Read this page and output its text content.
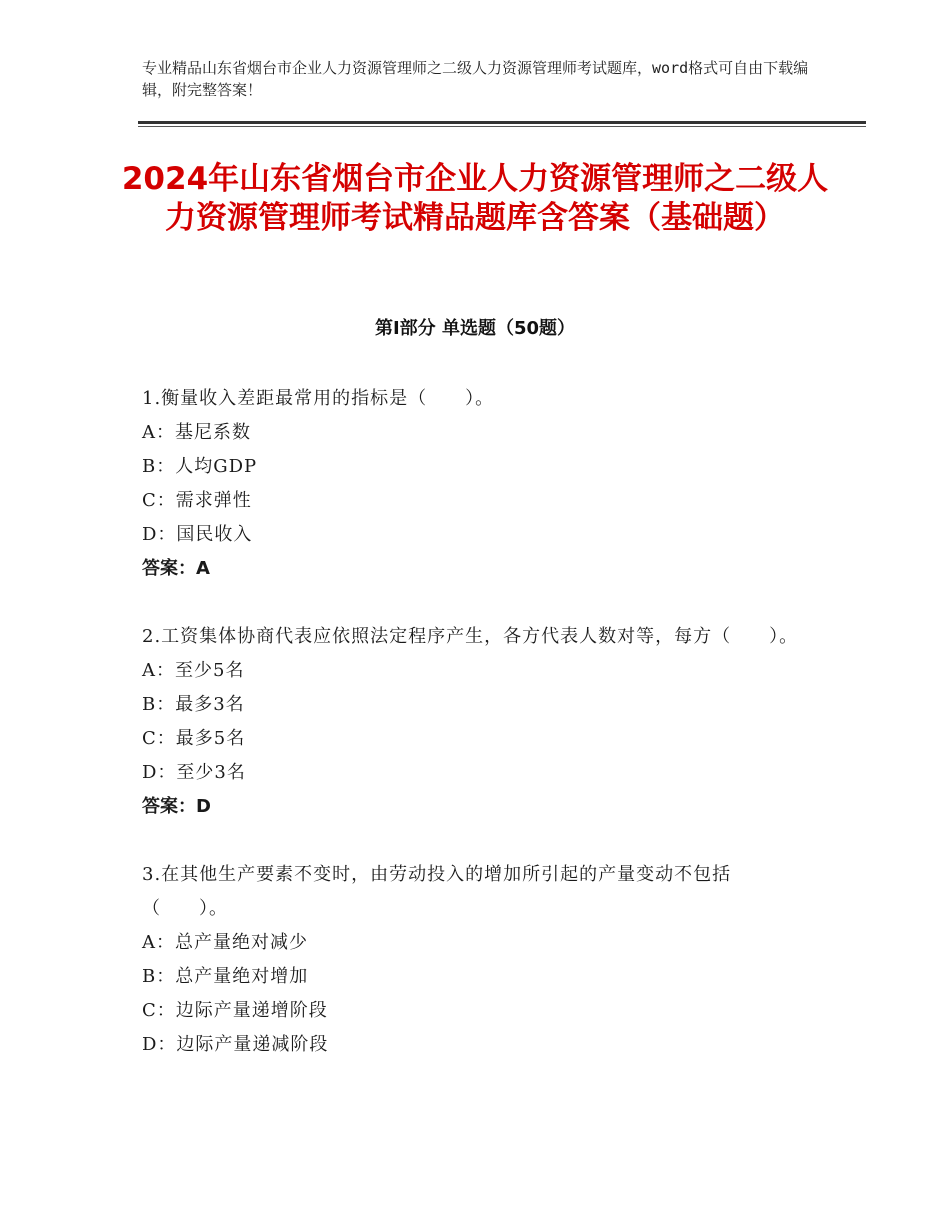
专业精品山东省烟台市企业人力资源管理师之二级人力资源管理师考试题库，word格式可自由下载编辑，附完整答案！
2024年山东省烟台市企业人力资源管理师之二级人力资源管理师考试精品题库含答案（基础题）
第Ⅰ部分 单选题（50题）
1.衡量收入差距最常用的指标是（　　）。
A：基尼系数
B：人均GDP
C：需求弹性
D：国民收入
答案：A
2.工资集体协商代表应依照法定程序产生，各方代表人数对等，每方（　　）。
A：至少5名
B：最多3名
C：最多5名
D：至少3名
答案：D
3.在其他生产要素不变时，由劳动投入的增加所引起的产量变动不包括（　　）。
A：总产量绝对减少
B：总产量绝对增加
C：边际产量递增阶段
D：边际产量递减阶段
